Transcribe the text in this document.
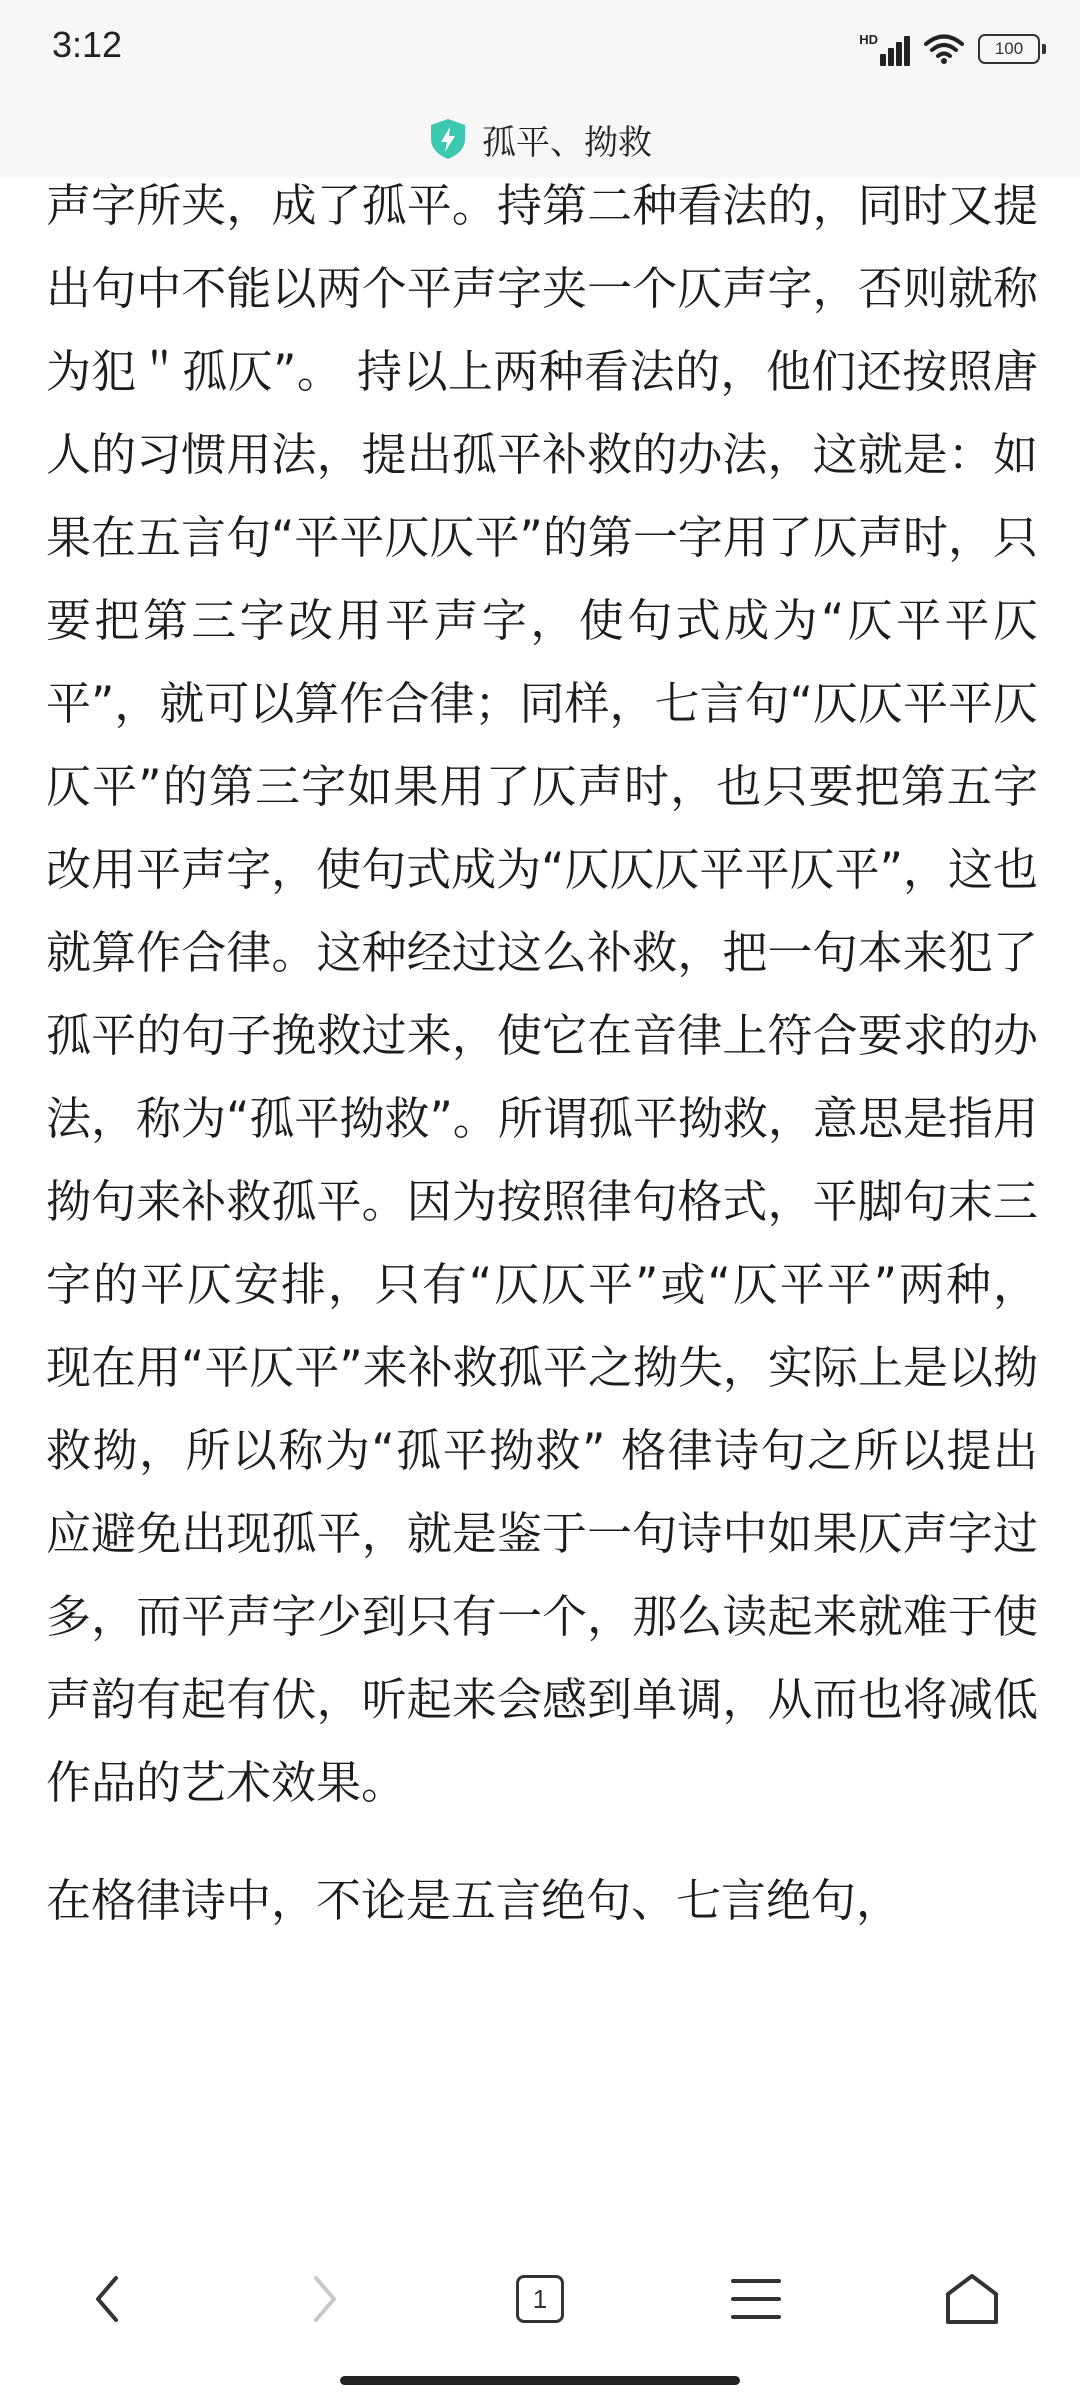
3:12	HD	100
孤平、拗救

声字所夹，成了孤平。持第二种看法的，同时又提出句中不能以两个平声字夹一个仄声字，否则就称为犯＂孤仄”。 持以上两种看法的，他们还按照唐人的习惯用法，提出孤平补救的办法，这就是：如果在五言句“平平仄仄平”的第一字用了仄声时，只要把第三字改用平声字，使句式成为“仄平平仄平”，就可以算作合律；同样，七言句“仄仄平平仄仄平”的第三字如果用了仄声时，也只要把第五字改用平声字，使句式成为“仄仄仄平平仄平”，这也就算作合律。这种经过这么补救，把一句本来犯了孤平的句子挽救过来，使它在音律上符合要求的办法，称为“孤平拗救”。所谓孤平拗救，意思是指用拗句来补救孤平。因为按照律句格式，平脚句末三字的平仄安排，只有“仄仄平”或“仄平平”两种，现在用“平仄平”来补救孤平之拗失，实际上是以拗救拗，所以称为“孤平拗救” 格律诗句之所以提出应避免出现孤平，就是鉴于一句诗中如果仄声字过多，而平声字少到只有一个，那么读起来就难于使声韵有起有伏，听起来会感到单调，从而也将减低作品的艺术效果。

在格律诗中，不论是五言绝句、七言绝句，

1
